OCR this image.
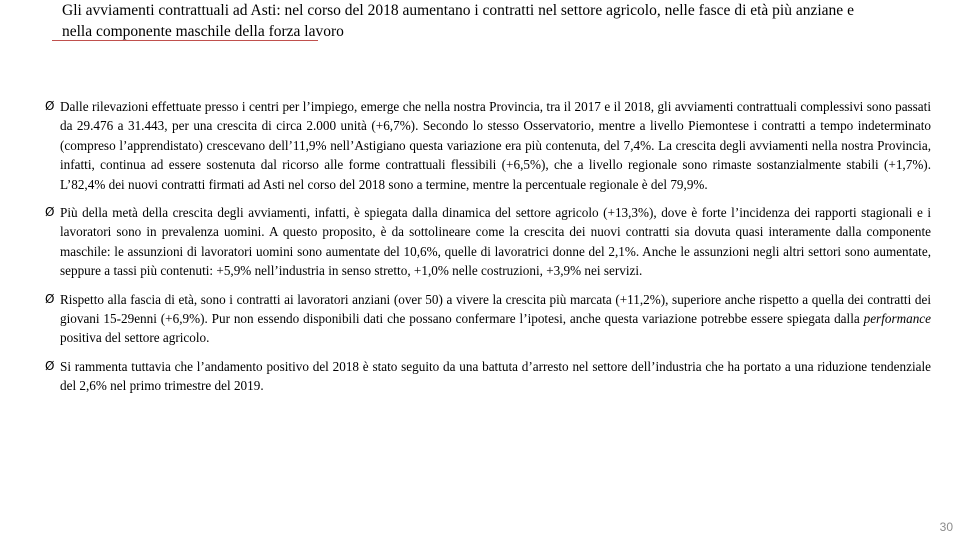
Gli avviamenti contrattuali ad Asti: nel corso del 2018 aumentano i contratti nel settore agricolo, nelle fasce di età più anziane e nella componente maschile della forza lavoro
Ø Dalle rilevazioni effettuate presso i centri per l’impiego, emerge che nella nostra Provincia, tra il 2017 e il 2018, gli avviamenti contrattuali complessivi sono passati da 29.476 a 31.443, per una crescita di circa 2.000 unità (+6,7%). Secondo lo stesso Osservatorio, mentre a livello Piemontese i contratti a tempo indeterminato (compreso l’apprendistato) crescevano dell’11,9% nell’Astigiano questa variazione era più contenuta, del 7,4%. La crescita degli avviamenti nella nostra Provincia, infatti, continua ad essere sostenuta dal ricorso alle forme contrattuali flessibili (+6,5%), che a livello regionale sono rimaste sostanzialmente stabili (+1,7%). L’82,4% dei nuovi contratti firmati ad Asti nel corso del 2018 sono a termine, mentre la percentuale regionale è del 79,9%.
Ø Più della metà della crescita degli avviamenti, infatti, è spiegata dalla dinamica del settore agricolo (+13,3%), dove è forte l’incidenza dei rapporti stagionali e i lavoratori sono in prevalenza uomini. A questo proposito, è da sottolineare come la crescita dei nuovi contratti sia dovuta quasi interamente dalla componente maschile: le assunzioni di lavoratori uomini sono aumentate del 10,6%, quelle di lavoratrici donne del 2,1%. Anche le assunzioni negli altri settori sono aumentate, seppure a tassi più contenuti: +5,9% nell’industria in senso stretto, +1,0% nelle costruzioni, +3,9% nei servizi.
Ø Rispetto alla fascia di età, sono i contratti ai lavoratori anziani (over 50) a vivere la crescita più marcata (+11,2%), superiore anche rispetto a quella dei contratti dei giovani 15-29enni (+6,9%). Pur non essendo disponibili dati che possano confermare l’ipotesi, anche questa variazione potrebbe essere spiegata dalla performance positiva del settore agricolo.
Ø Si rammenta tuttavia che l’andamento positivo del 2018 è stato seguito da una battuta d’arresto nel settore dell’industria che ha portato a una riduzione tendenziale del 2,6% nel primo trimestre del 2019.
30
